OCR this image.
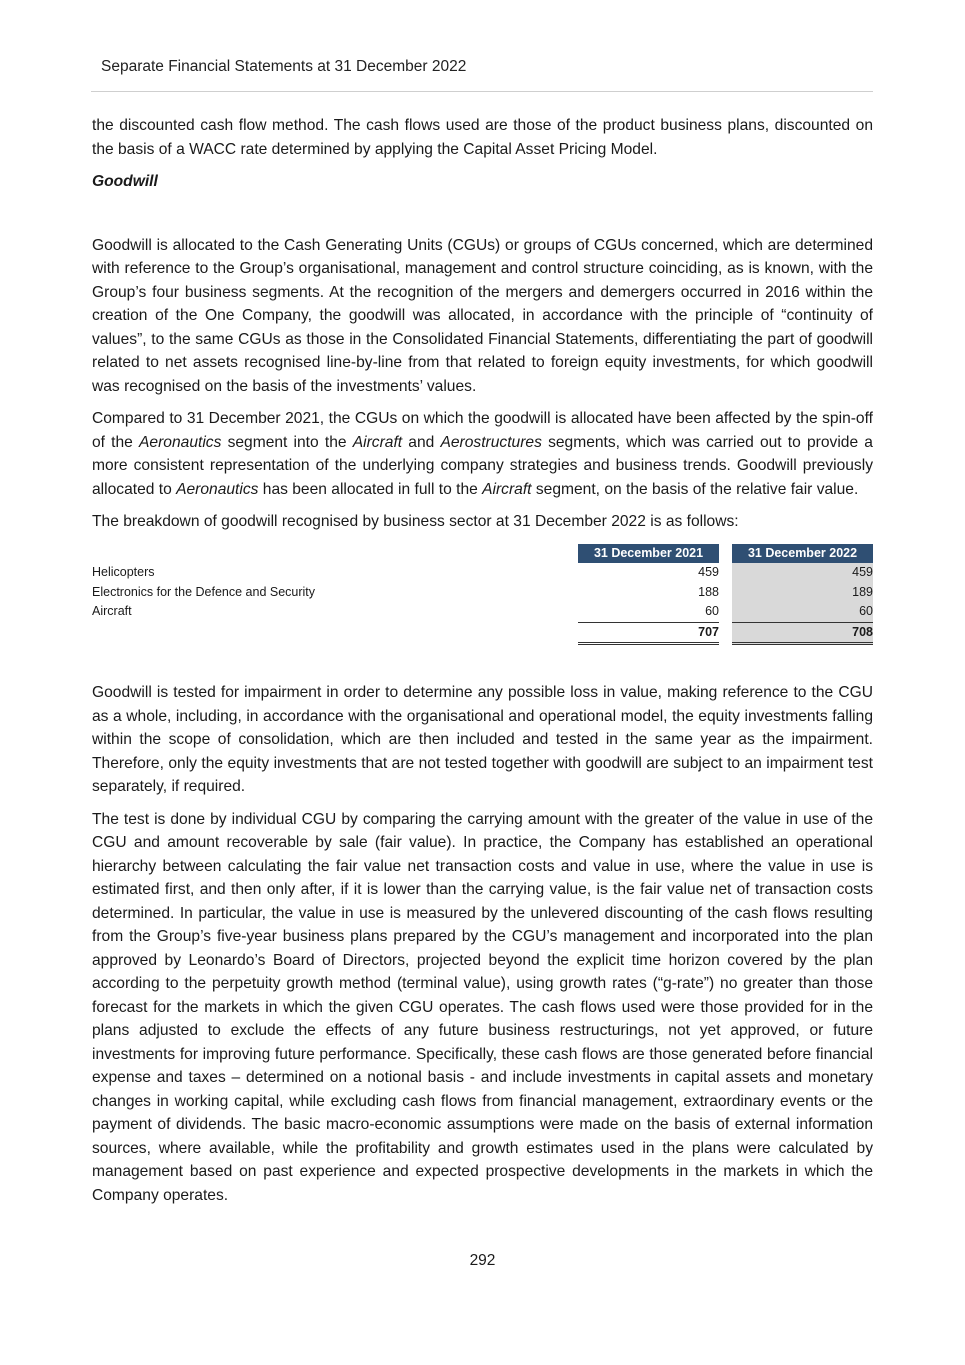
Separate Financial Statements at 31 December 2022

the discounted cash flow method. The cash flows used are those of the product business plans, discounted on the basis of a WACC rate determined by applying the Capital Asset Pricing Model.

Goodwill

Goodwill is allocated to the Cash Generating Units (CGUs) or groups of CGUs concerned, which are determined with reference to the Group’s organisational, management and control structure coinciding, as is known, with the Group’s four business segments. At the recognition of the mergers and demergers occurred in 2016 within the creation of the One Company, the goodwill was allocated, in accordance with the principle of “continuity of values”, to the same CGUs as those in the Consolidated Financial Statements, differentiating the part of goodwill related to net assets recognised line-by-line from that related to foreign equity investments, for which goodwill was recognised on the basis of the investments’ values.

Compared to 31 December 2021, the CGUs on which the goodwill is allocated have been affected by the spin-off of the Aeronautics segment into the Aircraft and Aerostructures segments, which was carried out to provide a more consistent representation of the underlying company strategies and business trends. Goodwill previously allocated to Aeronautics has been allocated in full to the Aircraft segment, on the basis of the relative fair value.

The breakdown of goodwill recognised by business sector at 31 December 2022 is as follows:

	31 December 2021		31 December 2022
Helicopters	459		459
Electronics for the Defence and Security	188		189
Aircraft	60		60
	707		708

Goodwill is tested for impairment in order to determine any possible loss in value, making reference to the CGU as a whole, including, in accordance with the organisational and operational model, the equity investments falling within the scope of consolidation, which are then included and tested in the same year as the impairment. Therefore, only the equity investments that are not tested together with goodwill are subject to an impairment test separately, if required.

The test is done by individual CGU by comparing the carrying amount with the greater of the value in use of the CGU and amount recoverable by sale (fair value). In practice, the Company has established an operational hierarchy between calculating the fair value net transaction costs and value in use, where the value in use is estimated first, and then only after, if it is lower than the carrying value, is the fair value net of transaction costs determined. In particular, the value in use is measured by the unlevered discounting of the cash flows resulting from the Group’s five-year business plans prepared by the CGU’s management and incorporated into the plan approved by Leonardo’s Board of Directors, projected beyond the explicit time horizon covered by the plan according to the perpetuity growth method (terminal value), using growth rates (“g-rate”) no greater than those forecast for the markets in which the given CGU operates. The cash flows used were those provided for in the plans adjusted to exclude the effects of any future business restructurings, not yet approved, or future investments for improving future performance. Specifically, these cash flows are those generated before financial expense and taxes – determined on a notional basis - and include investments in capital assets and monetary changes in working capital, while excluding cash flows from financial management, extraordinary events or the payment of dividends. The basic macro-economic assumptions were made on the basis of external information sources, where available, while the profitability and growth estimates used in the plans were calculated by management based on past experience and expected prospective developments in the markets in which the Company operates.

292
